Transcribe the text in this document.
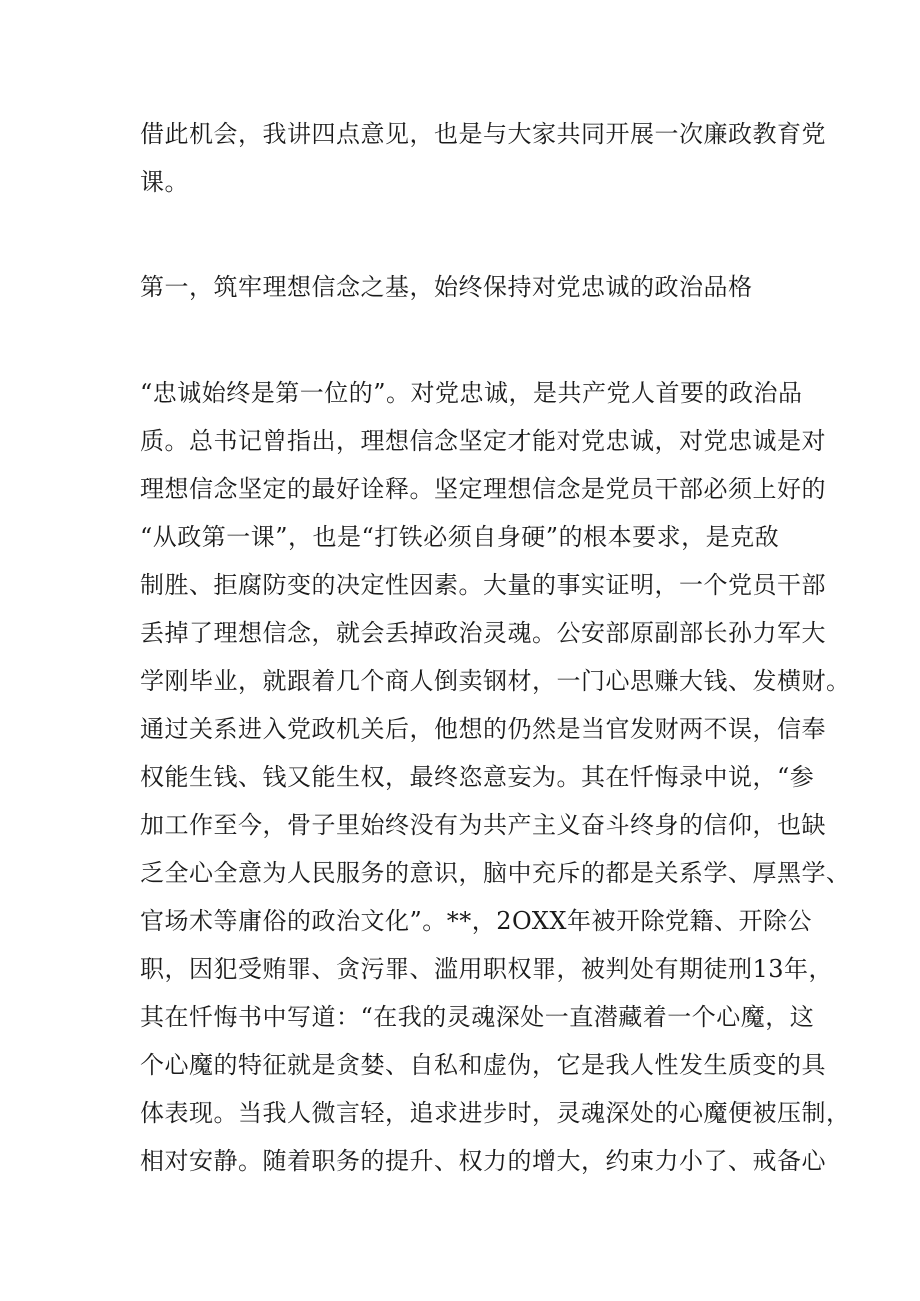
借此机会，我讲四点意见，也是与大家共同开展一次廉政教育党

课。

第一，筑牢理想信念之基，始终保持对党忠诚的政治品格

“忠诚始终是第一位的”。对党忠诚，是共产党人首要的政治品

质。总书记曾指出，理想信念坚定才能对党忠诚，对党忠诚是对

理想信念坚定的最好诠释。坚定理想信念是党员干部必须上好的

“从政第一课”，也是“打铁必须自身硬”的根本要求，是克敌

制胜、拒腐防变的决定性因素。大量的事实证明，一个党员干部

丢掉了理想信念，就会丢掉政治灵魂。公安部原副部长孙力军大

学刚毕业，就跟着几个商人倒卖钢材，一门心思赚大钱、发横财。

通过关系进入党政机关后，他想的仍然是当官发财两不误，信奉

权能生钱、钱又能生权，最终恣意妄为。其在忏悔录中说，“参

加工作至今，骨子里始终没有为共产主义奋斗终身的信仰，也缺

乏全心全意为人民服务的意识，脑中充斥的都是关系学、厚黑学、

官场术等庸俗的政治文化”。**，2OXX年被开除党籍、开除公

职，因犯受贿罪、贪污罪、滥用职权罪，被判处有期徒刑13年，

其在忏悔书中写道：“在我的灵魂深处一直潜藏着一个心魔，这

个心魔的特征就是贪婪、自私和虚伪，它是我人性发生质变的具

体表现。当我人微言轻，追求进步时，灵魂深处的心魔便被压制，

相对安静。随着职务的提升、权力的增大，约束力小了、戒备心
